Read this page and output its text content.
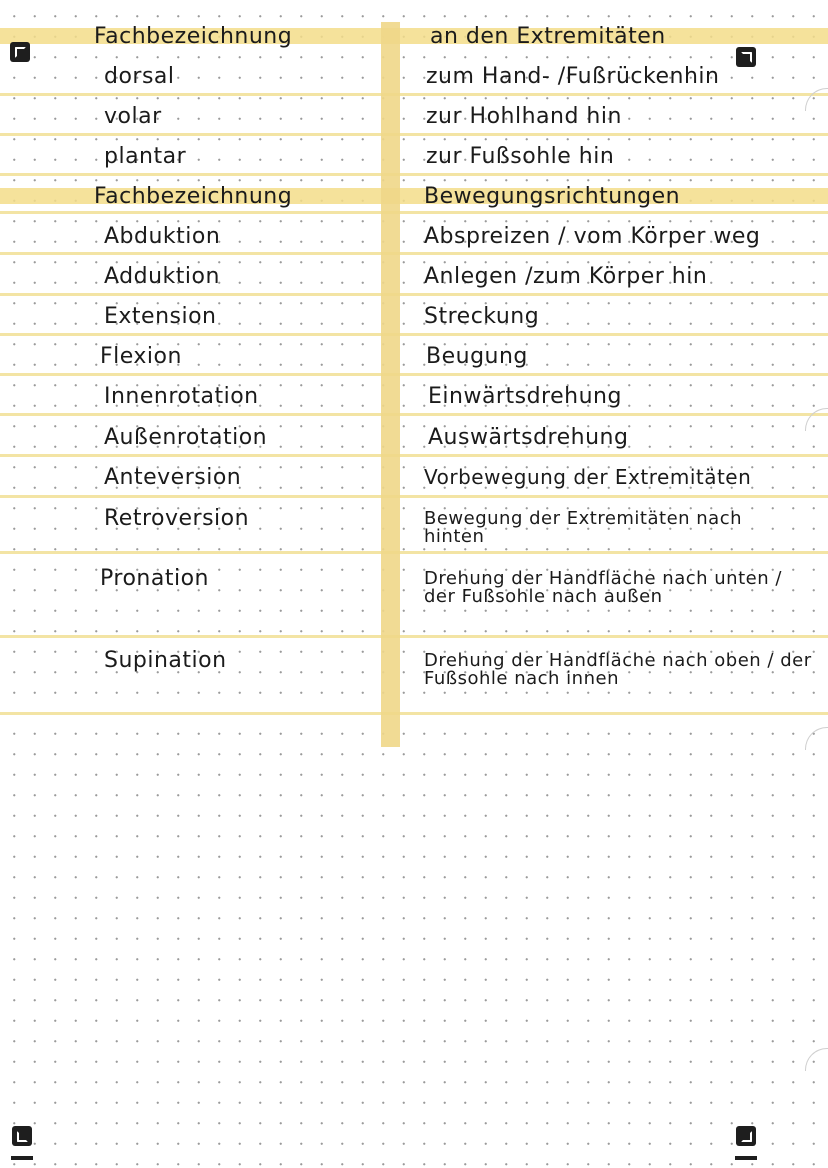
Fachbezeichnung	an den Extremitäten
dorsal	zum Hand- /Fußrückenhin
volar	zur Hohlhand hin
plantar	zur Fußsohle hin
Fachbezeichnung	Bewegungsrichtungen
Abduktion	Abspreizen / vom Körper weg
Adduktion	Anlegen /zum Körper hin
Extension	Streckung
Flexion	Beugung
Innenrotation	Einwärtsdrehung
Außenrotation	Auswärtsdrehung
Anteversion	Vorbewegung der Extremitäten
Retroversion	Bewegung der Extremitäten nach hinten
Pronation	Drehung der Handfläche nach unten / der Fußsohle nach außen
Supination	Drehung der Handfläche nach oben / der Fußsohle nach innen
